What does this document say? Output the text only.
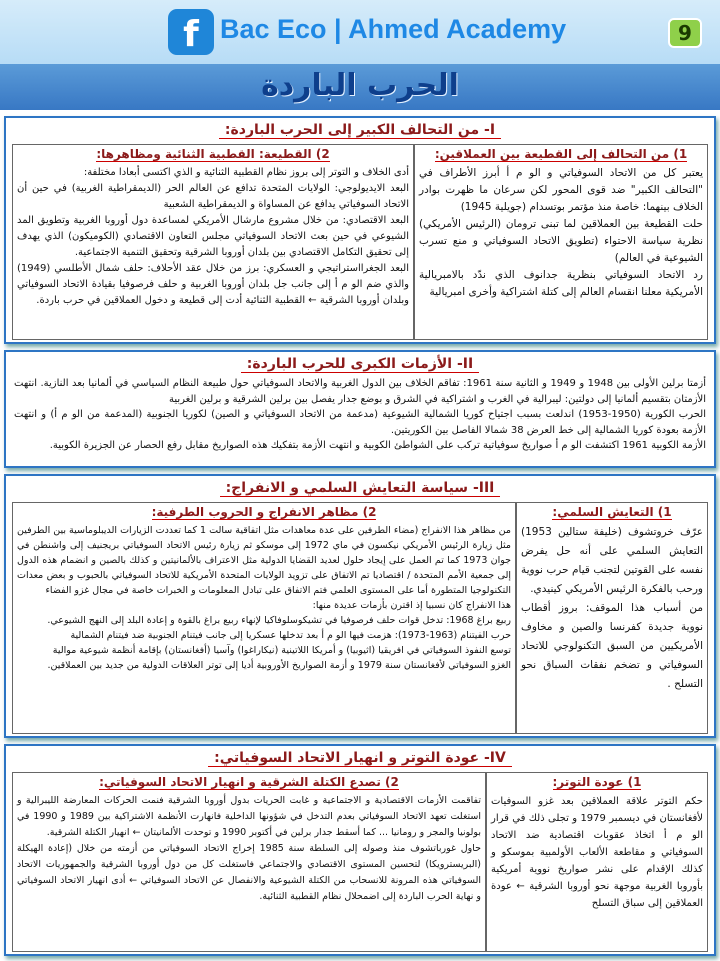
f Bac Eco | Ahmed Academy	9
الحرب الباردة
I- من التحالف الكبير إلى الحرب الباردة:
1) من التحالف إلى القطيعة بين العملاقين:

يعتبر كل من الاتحاد السوفياتي و الو م أ أبرز الأطراف في "التحالف الكبير" ضد قوى المحور لكن سرعان ما ظهرت بوادر الخلاف بينهما: خاصة منذ مؤتمر بوتسدام (جويلية 1945)

حلت القطيعة بين العملاقين لما تبنى ترومان (الرئيس الأمريكي) نظرية سياسة الاحتواء (تطويق الاتحاد السوفياتي و منع تسرب الشيوعية في العالم)

رد الاتحاد السوفياتي بنظرية جدانوف الذي ندّد بالامبريالية الأمريكية معلنا انقسام العالم إلى كتلة اشتراكية وأخرى امبريالية

2) القطيعة: القطبية الثنائية ومظاهرها:

أدى الخلاف و التوتر إلى بروز نظام القطبية الثنائية و الذي اكتسى أبعادا مختلفة:

البعد الايديولوجي: الولايات المتحدة تدافع عن العالم الحر (الديمقراطية الغربية) في حين أن الاتحاد السوفياتي يدافع عن المساواة و الديمقراطية الشعبية

البعد الاقتصادي: من خلال مشروع مارشال الأمريكي لمساعدة دول أوروبا الغربية وتطويق المد الشيوعي في حين بعث الاتحاد السوفياتي مجلس التعاون الاقتصادي (الكوميكون) الذي يهدف إلى تحقيق التكامل الاقتصادي بين بلدان أوروبا الشرقية وتحقيق التنمية الاجتماعية.

البعد الجغرااستراتيجي و العسكري: برز من خلال عقد الأحلاف: حلف شمال الأطلسي (1949) والذي ضم الو م أ إلى جانب جل بلدان أوروبا الغربية و حلف فرصوفيا بقيادة الاتحاد السوفياتي وبلدان أوروبا الشرقية ← القطبية الثنائية أدت إلى قطيعة و دخول العملاقين في حرب باردة.

II- الأزمات الكبرى للحرب الباردة:

أزمتا برلين الأولى بين 1948 و 1949 و الثانية سنة 1961: تفاقم الخلاف بين الدول الغربية والاتحاد السوفياتي حول طبيعة النظام السياسي في ألمانيا بعد النازية. انتهت الأزمتان بتقسيم ألمانيا إلى دولتين: ليبرالية في الغرب و اشتراكية في الشرق و بوضع جدار يفصل بين برلين الشرقية و برلين الغربية

الحرب الكورية (1950-1953) اندلعت بسبب اجتياح كوريا الشمالية الشيوعية (مدعمة من الاتحاد السوفياتي و الصين) لكوريا الجنوبية (المدعمة من الو م أ) و انتهت الأزمة بعودة كوريا الشمالية إلى خط العرض 38 شمالا الفاصل بين الكوريتين.

الأزمة الكوبية 1961 اكتشفت الو م أ صواريخ سوفياتية تركب على الشواطئ الكوبية و انتهت الأزمة بتفكيك هذه الصواريخ مقابل رفع الحصار عن الجزيرة الكوبية.

III- سياسة التعايش السلمي و الانفراج:
1) التعايش السلمي:

عرّف خروتشوف (خليفة ستالين 1953) التعايش السلمي على أنه حل يفرض نفسه على القوتين لتجنب قيام حرب نووية ورحب بالفكرة الرئيس الأمريكي كينيدي.

من أسباب هذا الموقف: بروز أقطاب نووية جديدة كفرنسا والصين و مخاوف الأمريكيين من السبق التكنولوجي للاتحاد السوفياتي و تضخم نفقات السباق نحو التسلح .

2) مظاهر الانفراج و الحروب الطرفية:

من مظاهر هذا الانفراج (مضاء الطرفين على عدة معاهدات مثل اتفاقية سالت 1 كما تعددت الزيارات الديبلوماسية بين الطرفين مثل زيارة الرئيس الأمريكي نيكسون في ماي 1972 إلى موسكو ثم زيارة رئيس الاتحاد السوفياتي بريجنيف إلى واشنطن في جوان 1973 كما تم العمل على إيجاد حلول لعديد القضايا الدولية مثل الاعتراف بالألمانيتين و كذلك بالصين و انضمام هذه الدول إلى جمعية الأمم المتحدة / اقتصاديا تم الاتفاق على تزويد الولايات المتحدة الأمريكية للاتحاد السوفياتي بالحبوب و بعض معدات التكنولوجيا المتطورة أما على المستوى العلمي فتم الاتفاق على تبادل المعلومات و الخبرات خاصة في مجال غزو الفضاء

هذا الانفراج كان نسبيا إذ اقترن بأزمات عديدة منها:

ربيع براغ 1968: تدخل قوات حلف فرصوفيا في تشيكوسلوفاكيا لإنهاء ربيع براغ بالقوة و إعادة البلد إلى النهج الشيوعي.

حرب الفيتنام (1963-1973): هزمت فيها الو م أ بعد تدخلها عسكريا إلى جانب فيتنام الجنوبية ضد فيتنام الشمالية

توسع النفوذ السوفياتي في افريقيا (اثيوبيا) و أمريكا اللاتينية (نيكاراغوا) وآسيا (أفغانستان) بإقامة أنظمة شيوعية موالية

الغزو السوفياتي لأفغانستان سنة 1979 و أزمة الصواريخ الأوروبية أديا إلى توتر العلاقات الدولية من جديد بين العملاقين.

IV- عودة التوتر و انهيار الاتحاد السوفياتي:
1) عودة التوتر:

حكم التوتر علاقة العملاقين بعد غزو السوفيات لأفغانستان في ديسمبر 1979 و تجلى ذلك في قرار الو م أ اتخاذ عقوبات اقتصادية ضد الاتحاد السوفياتي و مقاطعة الألعاب الأولمبية بموسكو و كذلك الإقدام على نشر صواريخ نووية أمريكية بأوروبا الغربية موجهة نحو أوروبا الشرقية ← عودة العملاقين إلى سباق التسلح

2) تصدع الكتلة الشرقية و انهيار الاتحاد السوفياتي:

تفاقمت الأزمات الاقتصادية و الاجتماعية و غابت الحريات بدول أوروبا الشرقية فنمت الحركات المعارضة الليبرالية و استغلت تعهد الاتحاد السوفياتي بعدم التدخل في شؤونها الداخلية فانهارت الأنظمة الاشتراكية بين 1989 و 1990 في بولونيا والمجر و رومانيا ... كما أسقط جدار برلين في أكتوبر 1990 و توحدت الألمانيتان ← انهيار الكتلة الشرقية.

حاول غورباتشوف منذ وصوله إلى السلطة سنة 1985 إخراج الاتحاد السوفياتي من أزمته من خلال (إعادة الهيكلة (البريسترويكا) لتحسين المستوى الاقتصادي والاجتماعي فاستغلت كل من دول أوروبا الشرقية والجمهوريات الاتحاد السوفياتي هذه المرونة للانسحاب من الكتلة الشيوعية والانفصال عن الاتحاد السوفياتي ← أدى انهيار الاتحاد السوفياتي و نهاية الحرب الباردة إلى اضمحلال نظام القطبية الثنائية.
